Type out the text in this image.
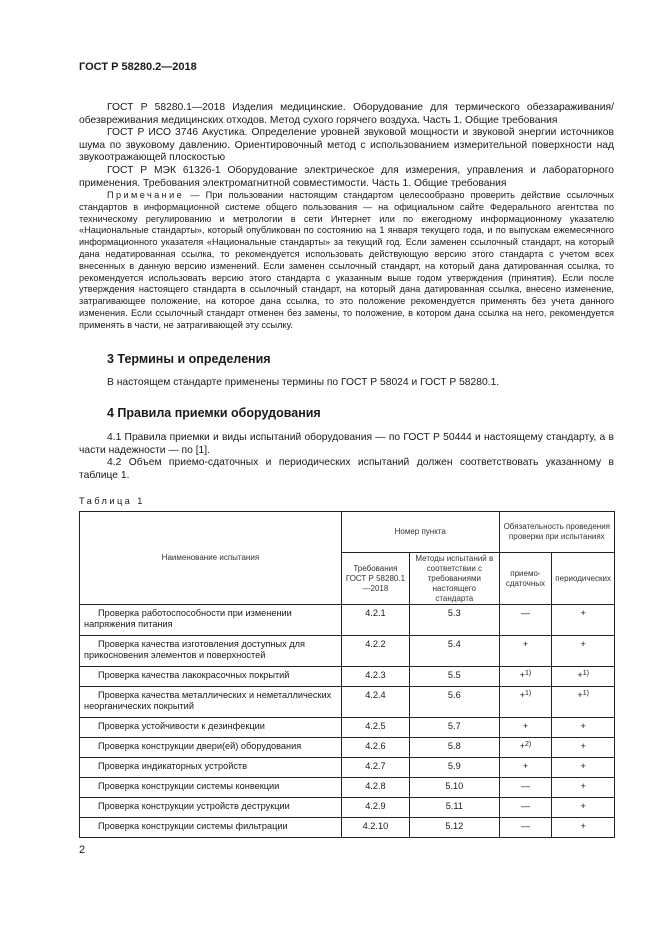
ГОСТ Р 58280.2—2018

ГОСТ Р 58280.1—2018 Изделия медицинские. Оборудование для термического обеззараживания/обезвреживания медицинских отходов. Метод сухого горячего воздуха. Часть 1. Общие требования

ГОСТ Р ИСО 3746 Акустика. Определение уровней звуковой мощности и звуковой энергии источников шума по звуковому давлению. Ориентировочный метод с использованием измерительной поверхности над звукоотражающей плоскостью

ГОСТ Р МЭК 61326-1 Оборудование электрическое для измерения, управления и лабораторного применения. Требования электромагнитной совместимости. Часть 1. Общие требования

Примечание — При пользовании настоящим стандартом целесообразно проверить действие ссылочных стандартов в информационной системе общего пользования — на официальном сайте Федерального агентства по техническому регулированию и метрологии в сети Интернет или по ежегодному информационному указателю «Национальные стандарты», который опубликован по состоянию на 1 января текущего года, и по выпускам ежемесячного информационного указателя «Национальные стандарты» за текущий год. Если заменен ссылочный стандарт, на который дана недатированная ссылка, то рекомендуется использовать действующую версию этого стандарта с учетом всех внесенных в данную версию изменений. Если заменен ссылочный стандарт, на который дана датированная ссылка, то рекомендуется использовать версию этого стандарта с указанным выше годом утверждения (принятия). Если после утверждения настоящего стандарта в ссылочный стандарт, на который дана датированная ссылка, внесено изменение, затрагивающее положение, на которое дана ссылка, то это положение рекомендуется применять без учета данного изменения. Если ссылочный стандарт отменен без замены, то положение, в котором дана ссылка на него, рекомендуется применять в части, не затрагивающей эту ссылку.
3 Термины и определения
В настоящем стандарте применены термины по ГОСТ Р 58024 и ГОСТ Р 58280.1.
4 Правила приемки оборудования

4.1 Правила приемки и виды испытаний оборудования — по ГОСТ Р 50444 и настоящему стандарту, а в части надежности — по [1].

4.2 Объем приемо-сдаточных и периодических испытаний должен соответствовать указанному в таблице 1.

Таблица 1
Наименование испытания	Номер пункта		Обязательность проведения проверки при испытаниях	
	Требования ГОСТ Р 58280.1—2018	Методы испытаний в соответствии с требованиями настоящего стандарта	приемо-сдаточных	периодических
Проверка работоспособности при изменении напряжения питания	4.2.1	5.3	—	+
Проверка качества изготовления доступных для прикосновения элементов и поверхностей	4.2.2	5.4	+	+
Проверка качества лакокрасочных покрытий	4.2.3	5.5	+$^{1)}$	+$^{1)}$
Проверка качества металлических и неметаллических неорганических покрытий	4.2.4	5.6	+$^{1)}$	+$^{1)}$
Проверка устойчивости к дезинфекции	4.2.5	5.7	+	+
Проверка конструкции двери(ей) оборудования	4.2.6	5.8	+$^{2)}$	+
Проверка индикаторных устройств	4.2.7	5.9	+	+
Проверка конструкции системы конвекции	4.2.8	5.10	—	+
Проверка конструкции устройств деструкции	4.2.9	5.11	—	+
Проверка конструкции системы фильтрации	4.2.10	5.12	—	+
2
